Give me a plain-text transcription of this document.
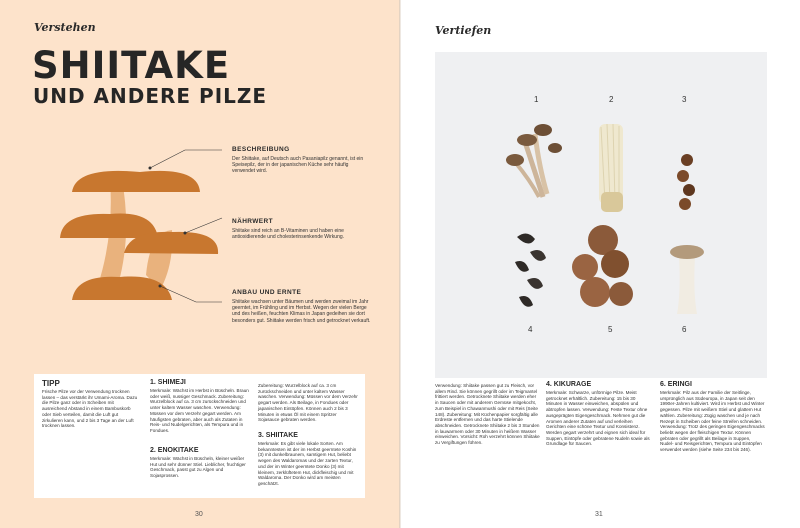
Verstehen
SHIITAKE
UND ANDERE PILZE
BESCHREIBUNG
Der Shiitake, auf Deutsch auch Pasaniapilz genannt, ist ein Speisepilz, der in der japanischen Küche sehr häufig verwendet wird.
NÄHRWERT
Shiitake sind reich an B-Vitaminen und haben eine antioxidierende und cholesterinsenkende Wirkung.
ANBAU UND ERNTE
Shiitake wachsen unter Bäumen und werden zweimal im Jahr geerntet, im Frühling und im Herbst. Wegen der vielen Berge und des heißen, feuchten Klimas in Japan gedeihen sie dort besonders gut. Shiitake werden frisch und getrocknet verkauft.
TIPP
Frische Pilze vor der Verwendung trocknen lassen – das verstärkt ihr Umami-Aroma. Dazu die Pilze ganz oder in Scheiben mit ausreichend Abstand in einem Bambuskorb oder Sieb verteilen, damit die Luft gut zirkulieren kann, und 2 bis 3 Tage an der Luft trocknen lassen.
1. SHIMEJI
Merkmale: Wächst im Herbst in Büscheln. Braun oder weiß, nussiger Geschmack. Zubereitung: Wurzelblock auf ca. 3 cm zurückschneiden und unter kaltem Wasser waschen. Verwendung: Müssen vor dem Verzehr gegart werden. Am häufigsten gebraten, aber auch als Zutaten in Reis- und Nudelgerichten, als Tempura und in Fondues.
2. ENOKITAKE
Merkmale: Wächst in Büscheln, kleiner weißer Hut und sehr dünner Stiel. Lieblicher, fruchtiger Geschmack, passt gut zu Algen und Sojasprossen.
Zubereitung: Wurzelblock auf ca. 3 cm zurückschneiden und unter kaltem Wasser waschen. Verwendung: Müssen vor dem Verzehr gegart werden. Als Beilage, in Fondues oder japanischen Eintöpfen. Können auch 2 bis 3 Minuten in etwas Öl mit einem Spritzer Sojasauce gebraten werden.
3. SHIITAKE
Merkmale: Es gibt viele lokale Sorten. Am bekanntesten ist der im Herbst geerntete Koshin (3) mit dunkelbraunem, samtigem Hut, beliebt wegen des Waldaromas und der zarten Textur, und der im Winter geerntete Donko (3) mit kleinem, zerklüftetem Hut, dickfleischig und mit Waldaroma. Der Donko wird am meisten geschätzt.
30
Vertiefen
1	2	3
4	5	6
Verwendung: Shiitake passen gut zu Fleisch, vor allem Rind. Sie können gegrillt oder im Teigmantel frittiert werden. Getrocknete Shiitake werden eher in Saucen oder mit anderem Gemüse mitgekocht, zum Beispiel in Chawanmushi oder mit Reis (Seite 148). Zubereitung: Mit Küchenpapier sorgfältig alle Erdreste entfernen und das harte Stielende abschneiden. Getrocknete Shiitake 2 bis 3 Stunden in lauwarmem oder 30 Minuten in heißem Wasser einweichen. Vorsicht: Roh verzehrt können Shiitake zu Vergiftungen führen.
4. KIKURAGE
Merkmale: Schwarze, unförmige Pilze. Meist getrocknet erhältlich. Zubereitung: 15 bis 30 Minuten in Wasser einweichen, abspülen und abtropfen lassen. Verwendung: Feste Textur ohne ausgeprägten Eigengeschmack. Nehmen gut die Aromen anderer Zutaten auf und verleihen Gerichten eine schöne Textur und Konsistenz. Werden gegart verzehrt und eignen sich ideal für Suppen, Eintöpfe oder gebratene Nudeln sowie als Grundlage für Saucen.
6. ERINGI
Merkmale: Pilz aus der Familie der Seitlinge, ursprünglich aus Südeuropa, in Japan seit den 1990er-Jahren kultiviert. Wird im Herbst und Winter gegessen. Pilze mit weißem Stiel und glattem Hut wählen. Zubereitung: Zügig waschen und je nach Rezept in Scheiben oder feine Streifen schneiden. Verwendung: Trotz des geringen Eigengeschmacks beliebt wegen der fleischigen Textur. Können gebraten oder gegrillt als Beilage in Suppen, Nudel- und Reisgerichten, Tempura und Eintöpfen verwendet werden (siehe Seite 234 bis 246).
31
